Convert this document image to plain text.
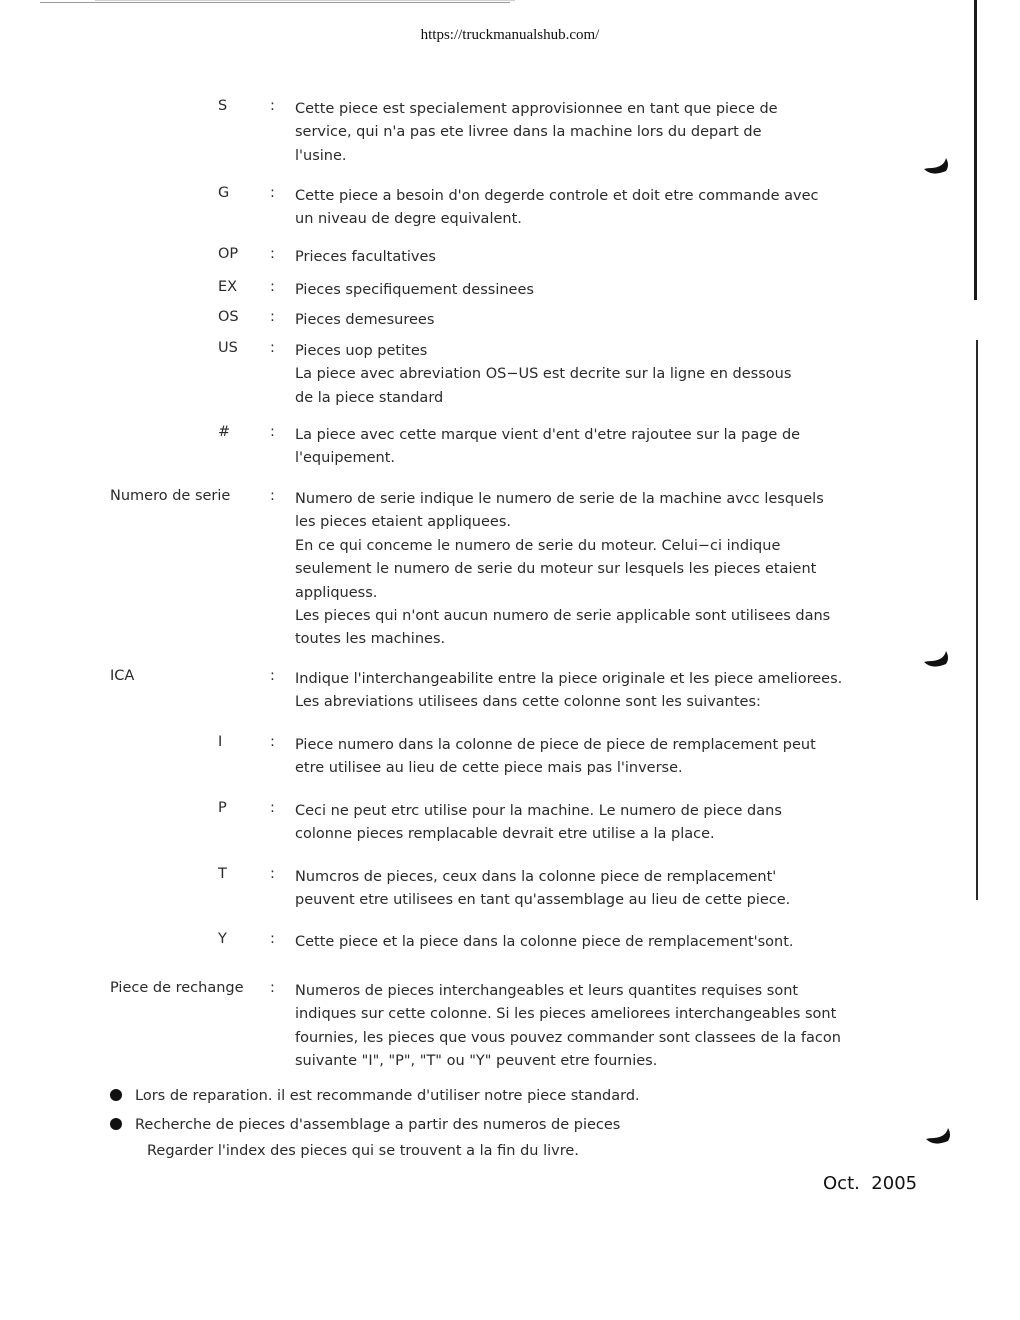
https://truckmanualshub.com/
S	: Cette piece est specialement approvisionnee en tant que piece de
service, qui n'a pas ete livree dans la machine lors du depart de
l'usine.
G	: Cette piece a besoin d'on degerde controle et doit etre commande avec
un niveau de degre equivalent.
OP : Prieces facultatives
EX : Pieces specifiquement dessinees
OS : Pieces demesurees
US : Pieces uop petites
La piece avec abreviation OS−US est decrite sur la ligne en dessous
de la piece standard
#	: La piece avec cette marque vient d'ent d'etre rajoutee sur la page de
l'equipement.
Numero de serie	: Numero de serie indique le numero de serie de la machine avcc lesquels
les pieces etaient appliquees.
En ce qui conceme le numero de serie du moteur. Celui−ci indique
seulement le numero de serie du moteur sur lesquels les pieces etaient
appliquess.
Les pieces qui n'ont aucun numero de serie applicable sont utilisees dans
toutes les machines.
ICA	: Indique l'interchangeabilite entre la piece originale et les piece ameliorees.
Les abreviations utilisees dans cette colonne sont les suivantes:
I	: Piece numero dans la colonne de piece de piece de remplacement peut
etre utilisee au lieu de cette piece mais pas l'inverse.
P	: Ceci ne peut etrc utilise pour la machine. Le numero de piece dans
colonne pieces remplacable devrait etre utilise a la place.
T	: Numcros de pieces, ceux dans la colonne piece de remplacement'
peuvent etre utilisees en tant qu'assemblage au lieu de cette piece.
Y	: Cette piece et la piece dans la colonne piece de remplacement'sont.
Piece de rechange : Numeros de pieces interchangeables et leurs quantites requises sont
indiques sur cette colonne. Si les pieces ameliorees interchangeables sont
fournies, les pieces que vous pouvez commander sont classees de la facon
suivante "I", "P", "T" ou "Y" peuvent etre fournies.
Lors de reparation. il est recommande d'utiliser notre piece standard.
Recherche de pieces d'assemblage a partir des numeros de pieces
Regarder l'index des pieces qui se trouvent a la fin du livre.
Oct.  2005
